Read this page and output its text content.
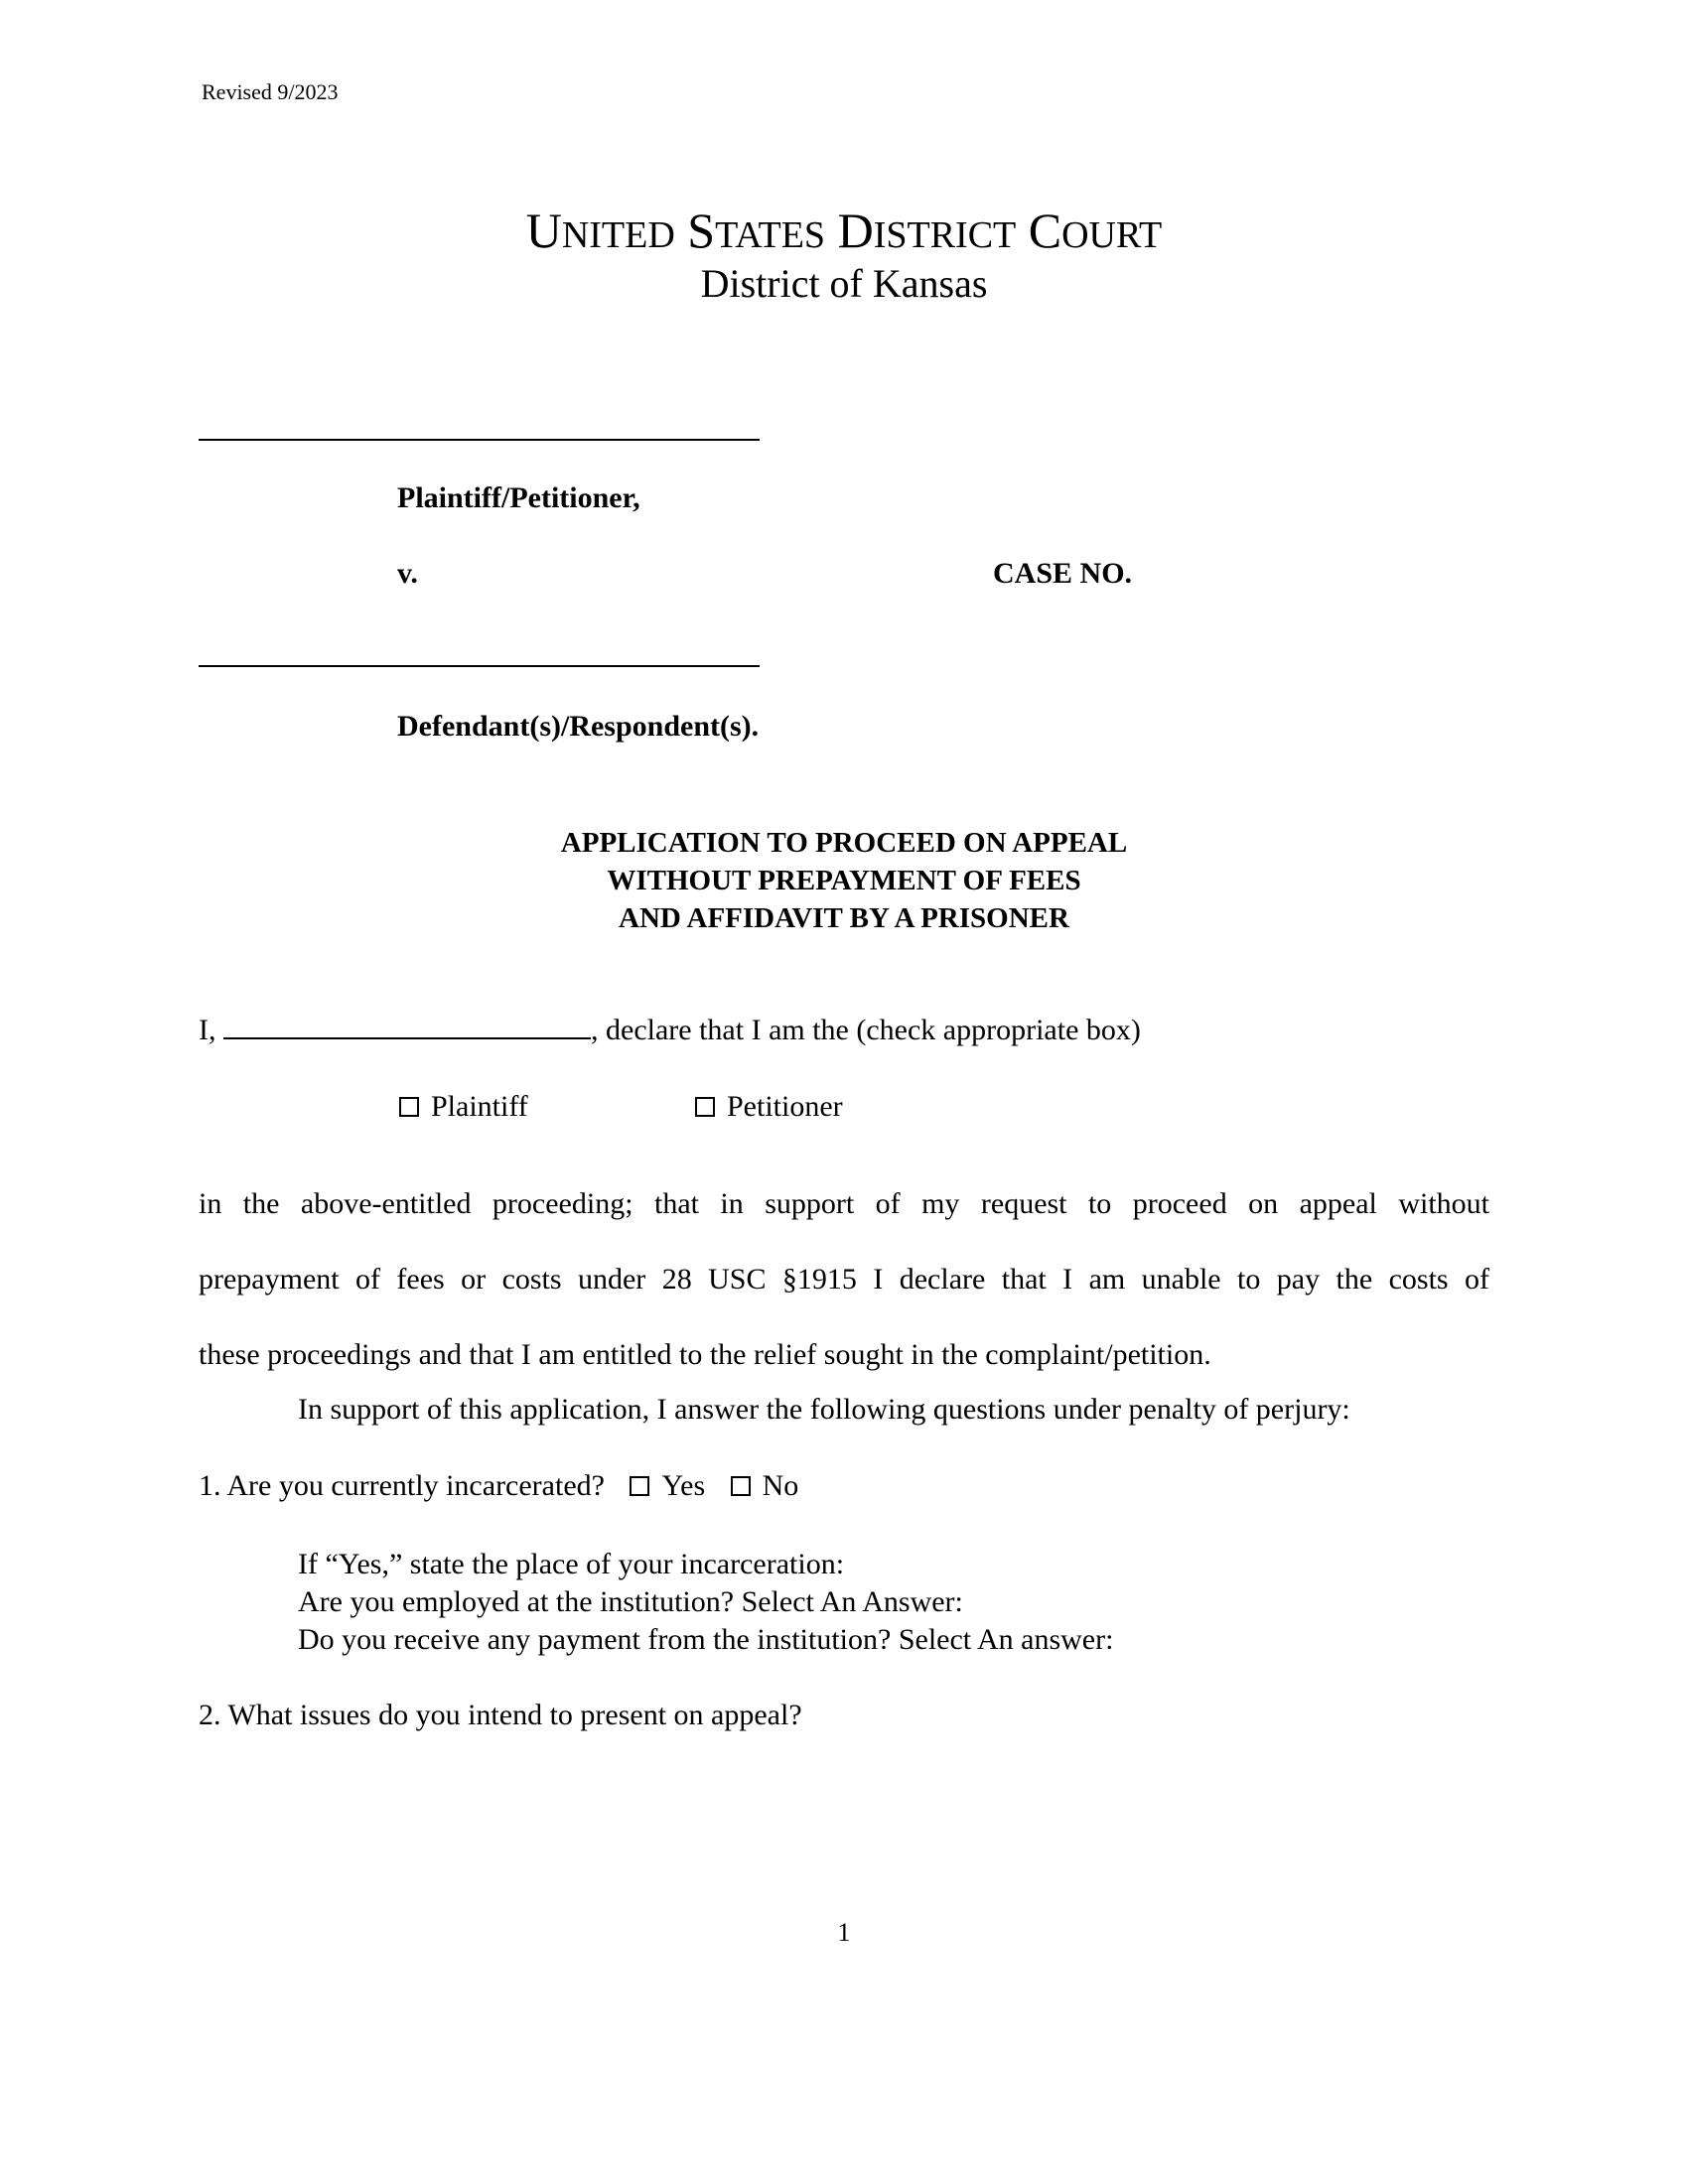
Revised 9/2023
UNITED STATES DISTRICT COURT
District of Kansas
Plaintiff/Petitioner,
v.	CASE NO.
Defendant(s)/Respondent(s).
APPLICATION TO PROCEED ON APPEAL
WITHOUT PREPAYMENT OF FEES
AND AFFIDAVIT BY A PRISONER
I,	, declare that I am the (check appropriate box)
Plaintiff	Petitioner
in the above-entitled proceeding; that in support of my request to proceed on appeal without
prepayment of fees or costs under 28 USC §1915 I declare that I am unable to pay the costs of
these proceedings and that I am entitled to the relief sought in the complaint/petition.
In support of this application, I answer the following questions under penalty of perjury:
1. Are you currently incarcerated? Yes No
If “Yes,” state the place of your incarceration:
Are you employed at the institution? Select An Answer:
Do you receive any payment from the institution? Select An answer:
2. What issues do you intend to present on appeal?
1
